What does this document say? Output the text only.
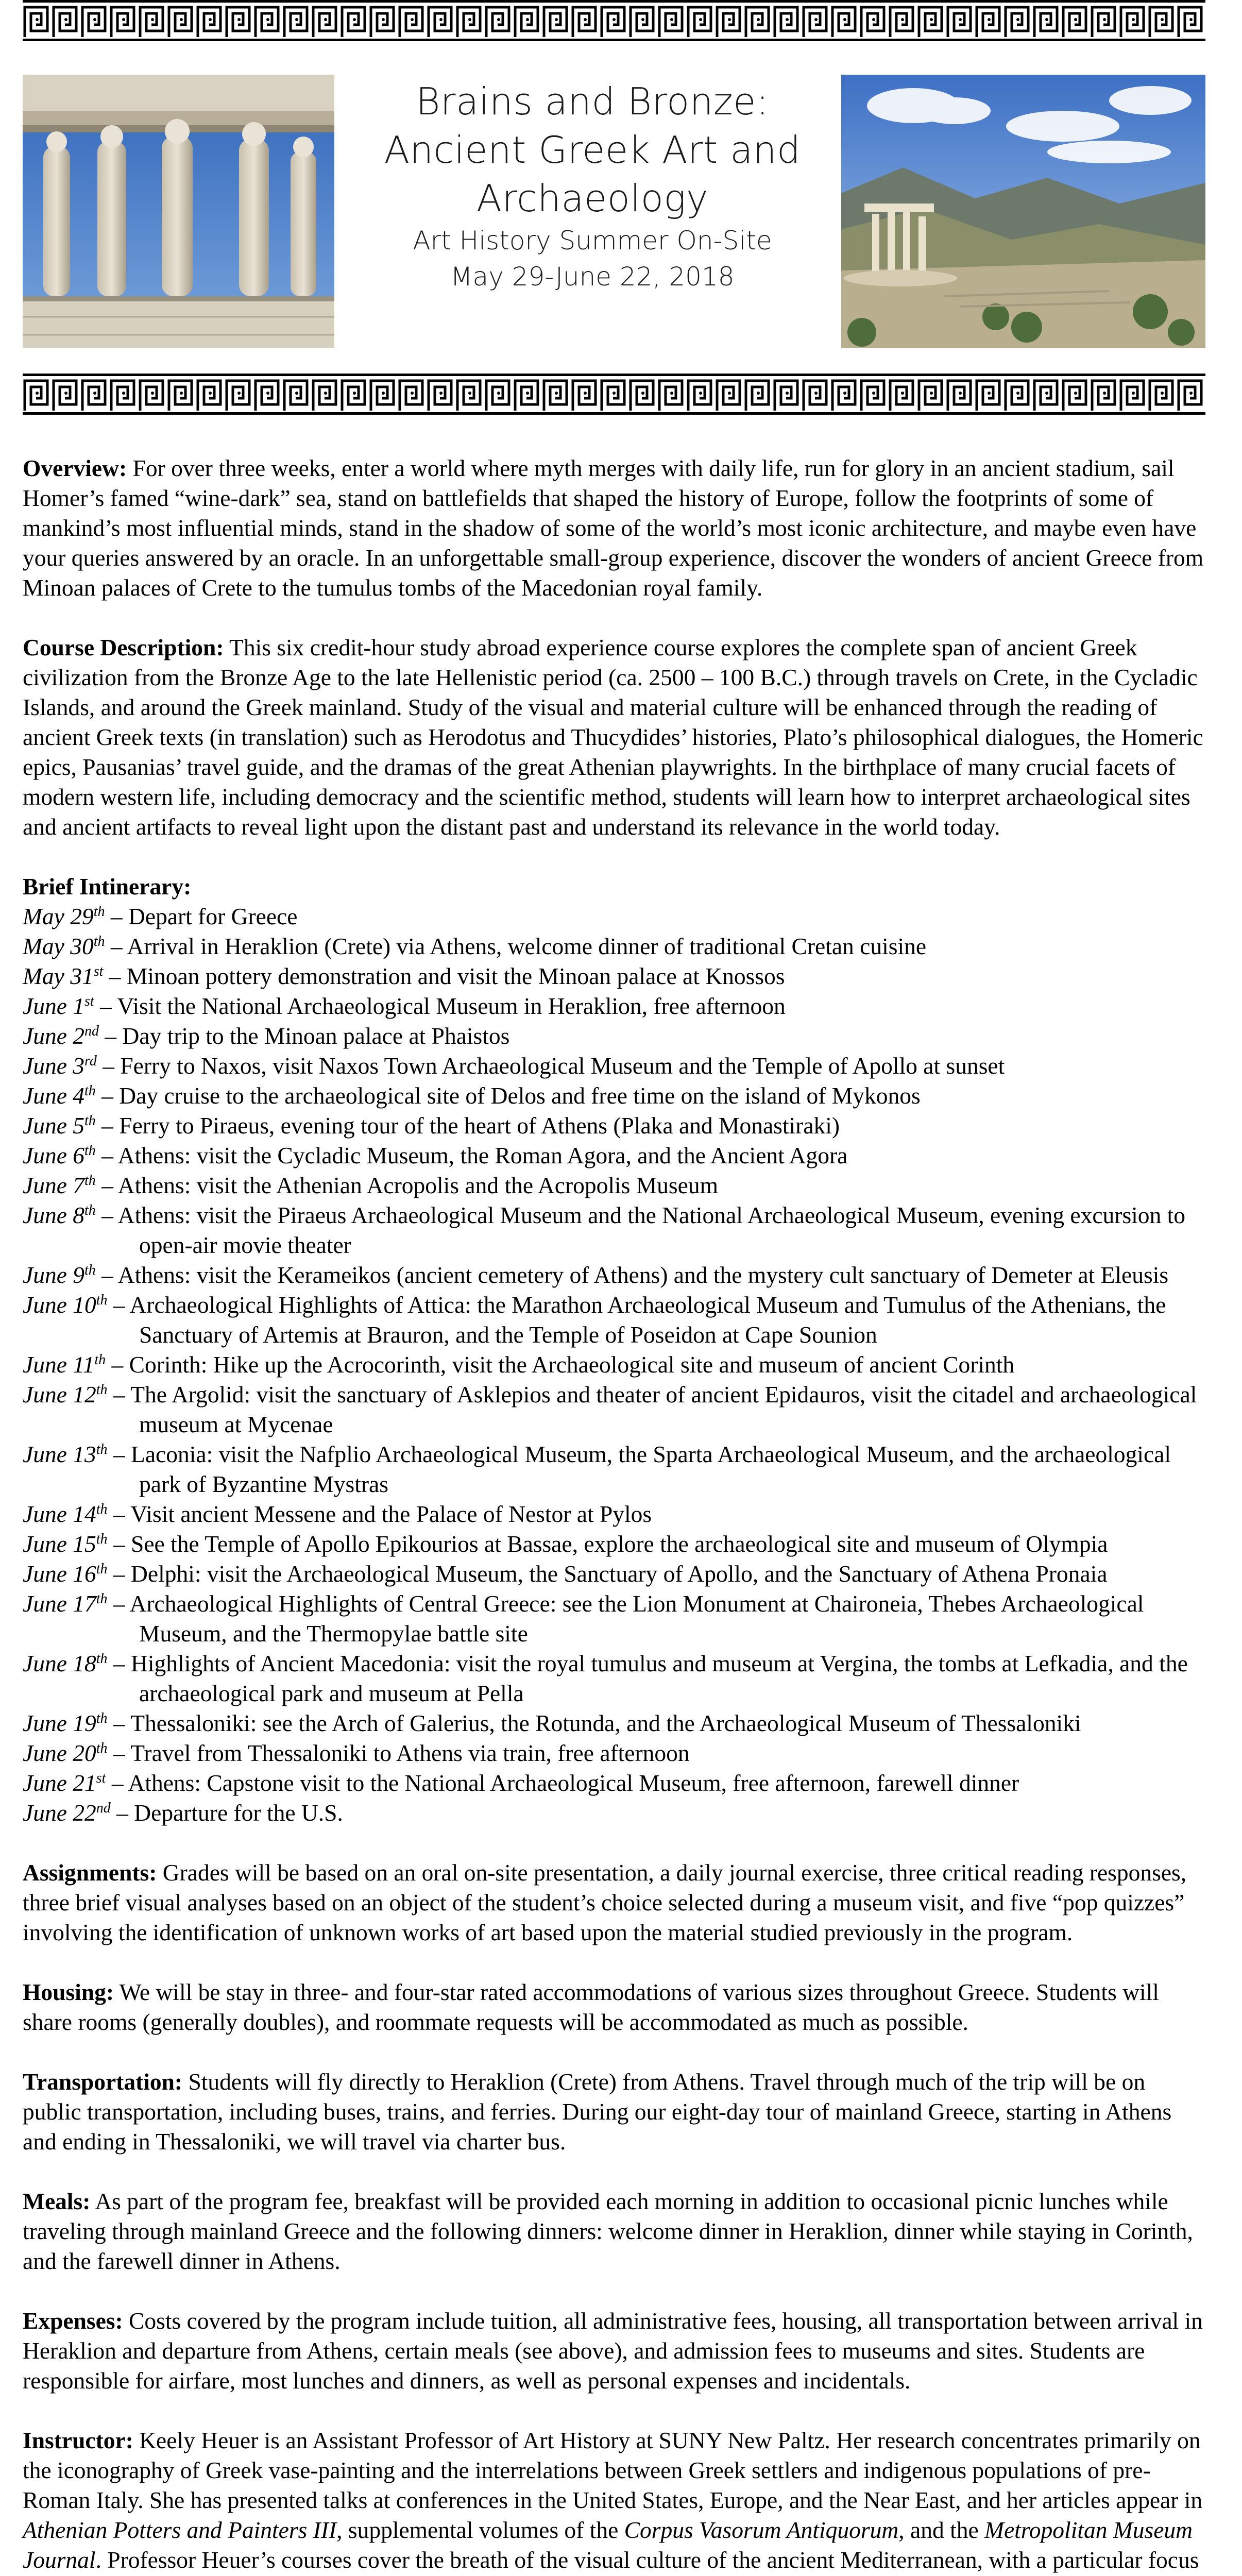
Brains and Bronze:
Ancient Greek Art and
Archaeology
Art History Summer On-Site
May 29-June 22, 2018

Overview: For over three weeks, enter a world where myth merges with daily life, run for glory in an ancient stadium, sail Homer’s famed “wine-dark” sea, stand on battlefields that shaped the history of Europe, follow the footprints of some of mankind’s most influential minds, stand in the shadow of some of the world’s most iconic architecture, and maybe even have your queries answered by an oracle. In an unforgettable small-group experience, discover the wonders of ancient Greece from Minoan palaces of Crete to the tumulus tombs of the Macedonian royal family.

Course Description: This six credit-hour study abroad experience course explores the complete span of ancient Greek civilization from the Bronze Age to the late Hellenistic period (ca. 2500 – 100 B.C.) through travels on Crete, in the Cycladic Islands, and around the Greek mainland. Study of the visual and material culture will be enhanced through the reading of ancient Greek texts (in translation) such as Herodotus and Thucydides’ histories, Plato’s philosophical dialogues, the Homeric epics, Pausanias’ travel guide, and the dramas of the great Athenian playwrights. In the birthplace of many crucial facets of modern western life, including democracy and the scientific method, students will learn how to interpret archaeological sites and ancient artifacts to reveal light upon the distant past and understand its relevance in the world today.

Brief Intinerary:

May 29th – Depart for Greece
May 30th – Arrival in Heraklion (Crete) via Athens, welcome dinner of traditional Cretan cuisine
May 31st – Minoan pottery demonstration and visit the Minoan palace at Knossos
June 1st – Visit the National Archaeological Museum in Heraklion, free afternoon
June 2nd – Day trip to the Minoan palace at Phaistos
June 3rd – Ferry to Naxos, visit Naxos Town Archaeological Museum and the Temple of Apollo at sunset
June 4th – Day cruise to the archaeological site of Delos and free time on the island of Mykonos
June 5th – Ferry to Piraeus, evening tour of the heart of Athens (Plaka and Monastiraki)
June 6th – Athens: visit the Cycladic Museum, the Roman Agora, and the Ancient Agora
June 7th – Athens: visit the Athenian Acropolis and the Acropolis Museum
June 8th – Athens: visit the Piraeus Archaeological Museum and the National Archaeological Museum, evening excursion to open-air movie theater
June 9th – Athens: visit the Kerameikos (ancient cemetery of Athens) and the mystery cult sanctuary of Demeter at Eleusis
June 10th – Archaeological Highlights of Attica: the Marathon Archaeological Museum and Tumulus of the Athenians, the Sanctuary of Artemis at Brauron, and the Temple of Poseidon at Cape Sounion
June 11th – Corinth: Hike up the Acrocorinth, visit the Archaeological site and museum of ancient Corinth
June 12th – The Argolid: visit the sanctuary of Asklepios and theater of ancient Epidauros, visit the citadel and archaeological museum at Mycenae
June 13th – Laconia: visit the Nafplio Archaeological Museum, the Sparta Archaeological Museum, and the archaeological park of Byzantine Mystras
June 14th – Visit ancient Messene and the Palace of Nestor at Pylos
June 15th – See the Temple of Apollo Epikourios at Bassae, explore the archaeological site and museum of Olympia
June 16th – Delphi: visit the Archaeological Museum, the Sanctuary of Apollo, and the Sanctuary of Athena Pronaia
June 17th – Archaeological Highlights of Central Greece: see the Lion Monument at Chaironeia, Thebes Archaeological Museum, and the Thermopylae battle site
June 18th – Highlights of Ancient Macedonia: visit the royal tumulus and museum at Vergina, the tombs at Lefkadia, and the archaeological park and museum at Pella
June 19th – Thessaloniki: see the Arch of Galerius, the Rotunda, and the Archaeological Museum of Thessaloniki
June 20th – Travel from Thessaloniki to Athens via train, free afternoon
June 21st – Athens: Capstone visit to the National Archaeological Museum, free afternoon, farewell dinner
June 22nd – Departure for the U.S.

Assignments: Grades will be based on an oral on-site presentation, a daily journal exercise, three critical reading responses, three brief visual analyses based on an object of the student’s choice selected during a museum visit, and five “pop quizzes” involving the identification of unknown works of art based upon the material studied previously in the program.

Housing: We will be stay in three- and four-star rated accommodations of various sizes throughout Greece. Students will share rooms (generally doubles), and roommate requests will be accommodated as much as possible.

Transportation: Students will fly directly to Heraklion (Crete) from Athens. Travel through much of the trip will be on public transportation, including buses, trains, and ferries. During our eight-day tour of mainland Greece, starting in Athens and ending in Thessaloniki, we will travel via charter bus.

Meals: As part of the program fee, breakfast will be provided each morning in addition to occasional picnic lunches while traveling through mainland Greece and the following dinners: welcome dinner in Heraklion, dinner while staying in Corinth, and the farewell dinner in Athens.

Expenses: Costs covered by the program include tuition, all administrative fees, housing, all transportation between arrival in Heraklion and departure from Athens, certain meals (see above), and admission fees to museums and sites. Students are responsible for airfare, most lunches and dinners, as well as personal expenses and incidentals.

Instructor: Keely Heuer is an Assistant Professor of Art History at SUNY New Paltz. Her research concentrates primarily on the iconography of Greek vase-painting and the interrelations between Greek settlers and indigenous populations of pre-Roman Italy. She has presented talks at conferences in the United States, Europe, and the Near East, and her articles appear in Athenian Potters and Painters III, supplemental volumes of the Corpus Vasorum Antiquorum, and the Metropolitan Museum Journal. Professor Heuer’s courses cover the breath of the visual culture of the ancient Mediterranean, with a particular focus
